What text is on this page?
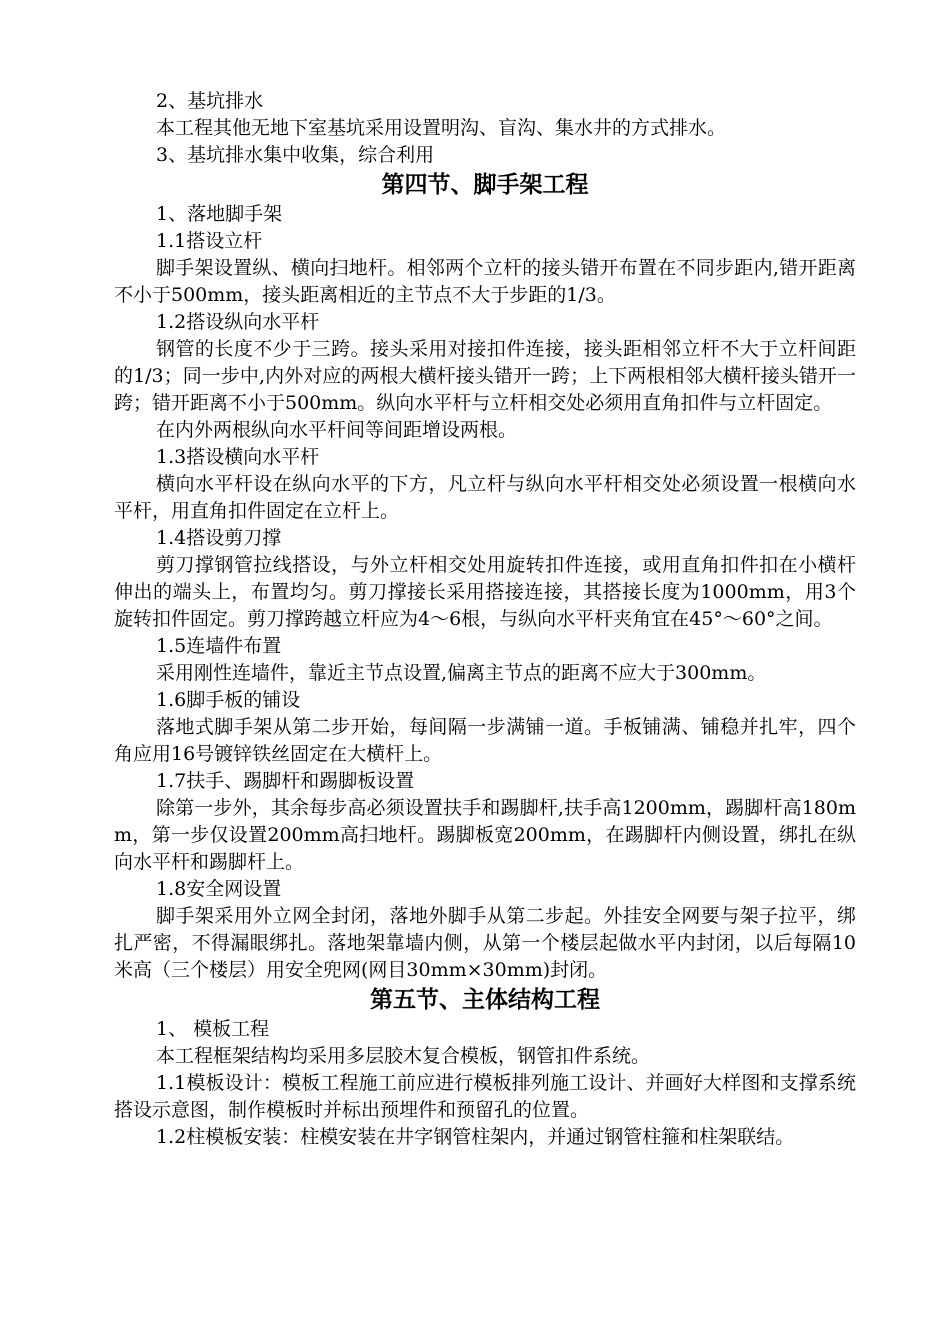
2、基坑排水

本工程其他无地下室基坑采用设置明沟、盲沟、集水井的方式排水。

3、基坑排水集中收集，综合利用

第四节、脚手架工程

1、落地脚手架

1.1搭设立杆

脚手架设置纵、横向扫地杆。相邻两个立杆的接头错开布置在不同步距内,错开距离不小于500mm，接头距离相近的主节点不大于步距的1/3。

1.2搭设纵向水平杆

钢管的长度不少于三跨。接头采用对接扣件连接，接头距相邻立杆不大于立杆间距的1/3；同一步中,内外对应的两根大横杆接头错开一跨；上下两根相邻大横杆接头错开一跨；错开距离不小于500mm。纵向水平杆与立杆相交处必须用直角扣件与立杆固定。

在内外两根纵向水平杆间等间距增设两根。

1.3搭设横向水平杆

横向水平杆设在纵向水平的下方，凡立杆与纵向水平杆相交处必须设置一根横向水平杆，用直角扣件固定在立杆上。

1.4搭设剪刀撑

剪刀撑钢管拉线搭设，与外立杆相交处用旋转扣件连接，或用直角扣件扣在小横杆伸出的端头上，布置均匀。剪刀撑接长采用搭接连接，其搭接长度为1000mm，用3个旋转扣件固定。剪刀撑跨越立杆应为4～6根，与纵向水平杆夹角宜在45°～60°之间。

1.5连墙件布置

采用刚性连墙件，靠近主节点设置,偏离主节点的距离不应大于300mm。

1.6脚手板的铺设

落地式脚手架从第二步开始，每间隔一步满铺一道。手板铺满、铺稳并扎牢，四个角应用16号镀锌铁丝固定在大横杆上。

1.7扶手、踢脚杆和踢脚板设置

除第一步外，其余每步高必须设置扶手和踢脚杆,扶手高1200mm，踢脚杆高180mm，第一步仅设置200mm高扫地杆。踢脚板宽200mm，在踢脚杆内侧设置，绑扎在纵向水平杆和踢脚杆上。

1.8安全网设置

脚手架采用外立网全封闭，落地外脚手从第二步起。外挂安全网要与架子拉平，绑扎严密，不得漏眼绑扎。落地架靠墙内侧，从第一个楼层起做水平内封闭，以后每隔10米高（三个楼层）用安全兜网(网目30mm×30mm)封闭。

第五节、主体结构工程

1、 模板工程

本工程框架结构均采用多层胶木复合模板，钢管扣件系统。

1.1模板设计：模板工程施工前应进行模板排列施工设计、并画好大样图和支撑系统搭设示意图，制作模板时并标出预埋件和预留孔的位置。

1.2柱模板安装：柱模安装在井字钢管柱架内，并通过钢管柱箍和柱架联结。
